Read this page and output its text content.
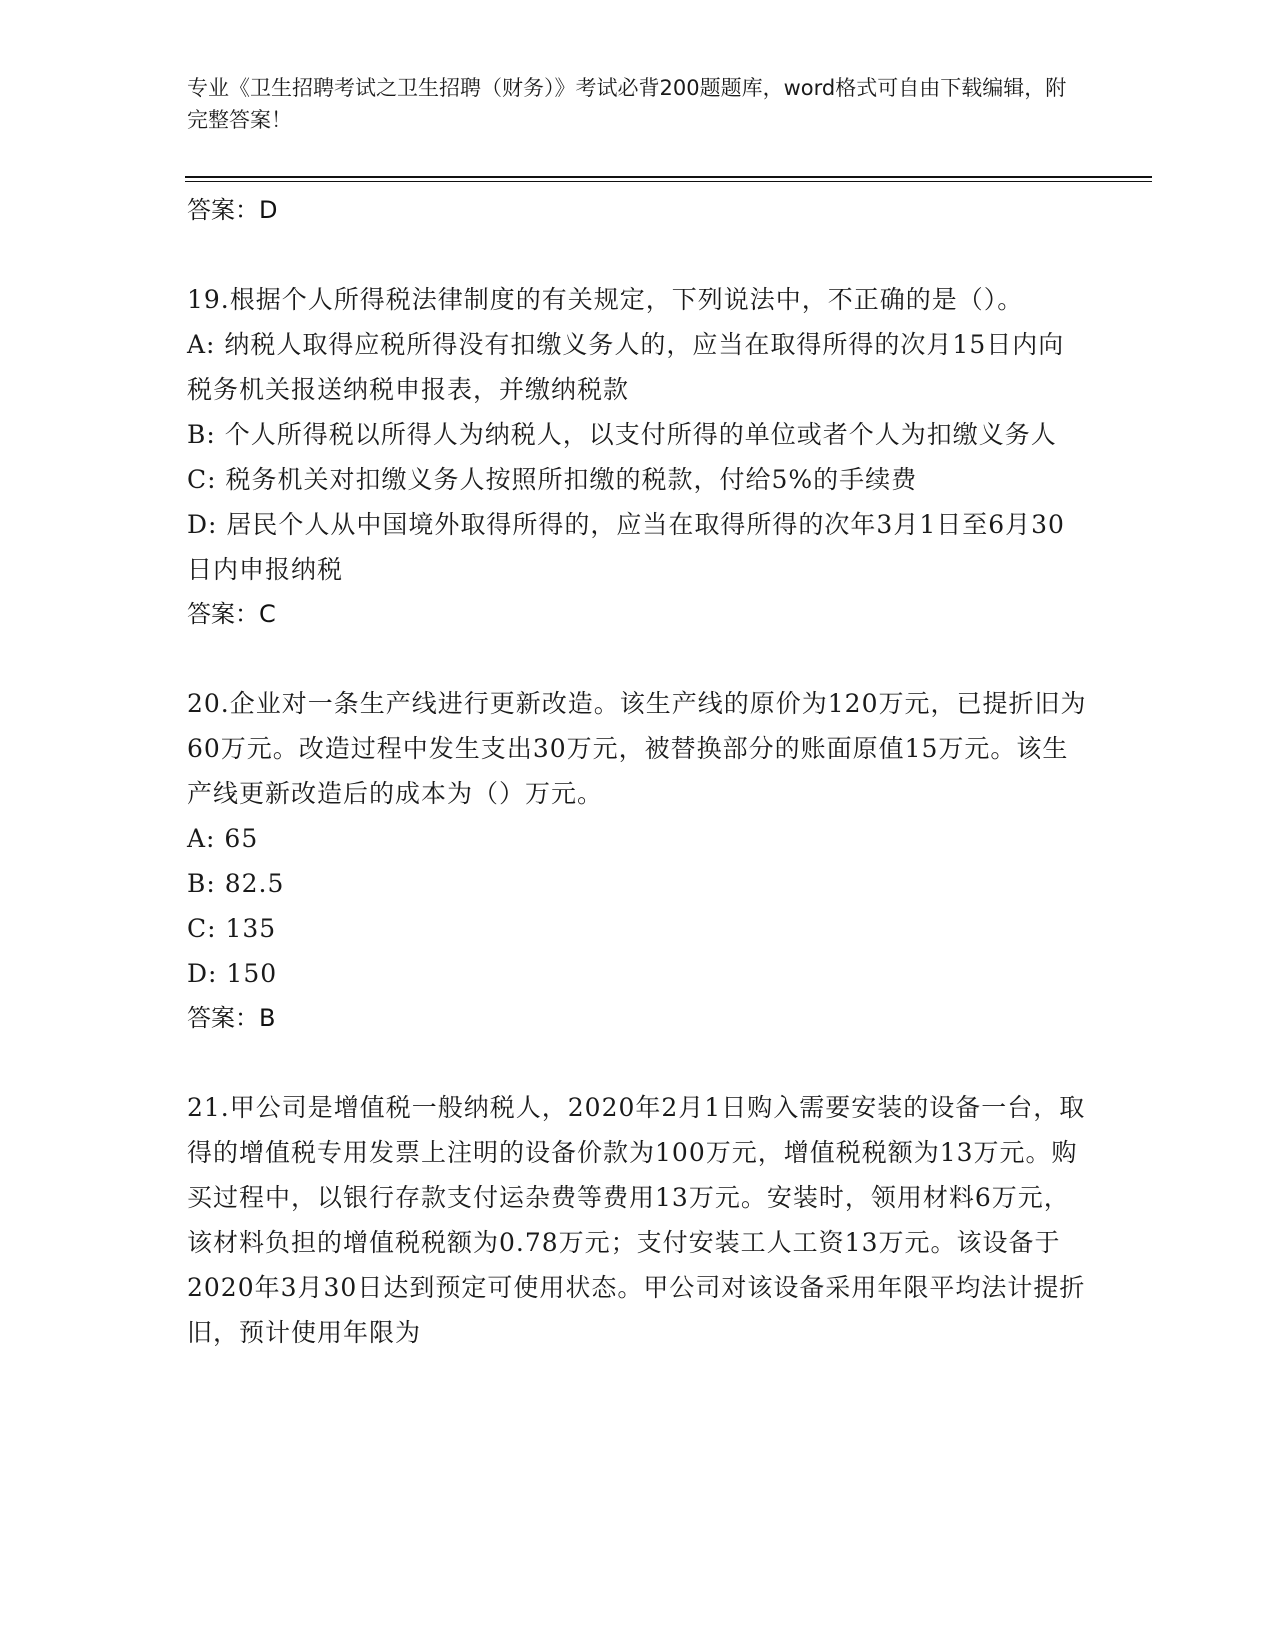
专业《卫生招聘考试之卫生招聘（财务）》考试必背200题题库，word格式可自由下载编辑，附完整答案！

答案：D

19.根据个人所得税法律制度的有关规定，下列说法中，不正确的是（）。

A: 纳税人取得应税所得没有扣缴义务人的，应当在取得所得的次月15日内向税务机关报送纳税申报表，并缴纳税款

B: 个人所得税以所得人为纳税人，以支付所得的单位或者个人为扣缴义务人

C: 税务机关对扣缴义务人按照所扣缴的税款，付给5%的手续费

D: 居民个人从中国境外取得所得的，应当在取得所得的次年3月1日至6月30日内申报纳税

答案：C

20.企业对一条生产线进行更新改造。该生产线的原价为120万元，已提折旧为60万元。改造过程中发生支出30万元，被替换部分的账面原值15万元。该生产线更新改造后的成本为（）万元。

A: 65

B: 82.5

C: 135

D: 150

答案：B

21.甲公司是增值税一般纳税人，2020年2月1日购入需要安装的设备一台，取得的增值税专用发票上注明的设备价款为100万元，增值税税额为13万元。购买过程中，以银行存款支付运杂费等费用13万元。安装时，领用材料6万元，该材料负担的增值税税额为0.78万元；支付安装工人工资13万元。该设备于2020年3月30日达到预定可使用状态。甲公司对该设备采用年限平均法计提折旧，预计使用年限为
